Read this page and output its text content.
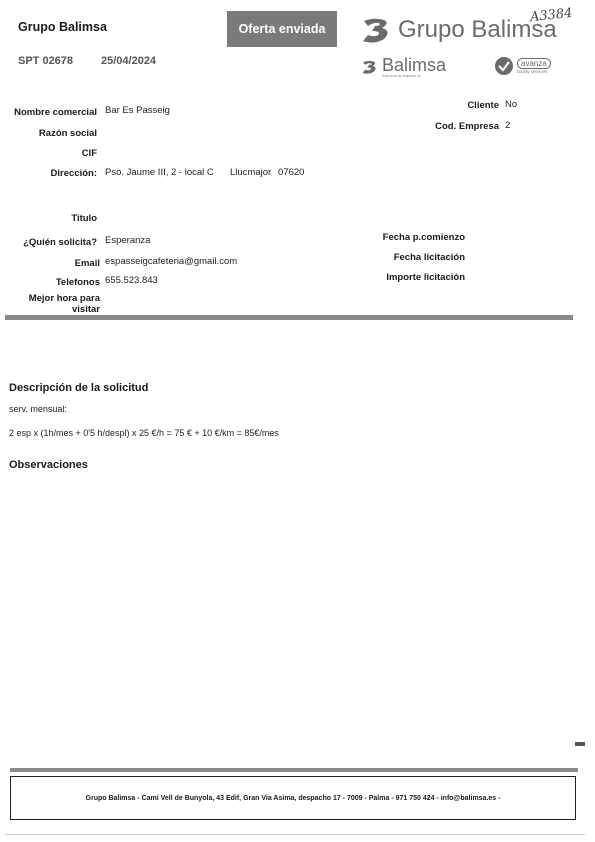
Grupo Balimsa	Oferta enviada
SPT 02678	25/04/2024
Grupo Balimsa
A3384
Balimsa
Solucions de limpieza sa
avanza
facility services
Nombre comercial Bar Es Passeig
Razón social
CIF
Dirección: Pso. Jaume III, 2 - local C Llucmajor 07620
Cliente No
Cod. Empresa 2
Titulo
¿Quién solicita? Esperanza
Email espasseigcafeteria@gmail.com
Telefonos 655.523.843
Mejor hora para
visitar
Fecha p.comienzo
Fecha licitación
Importe licitación
Descripción de la solicitud
serv. mensual:
2 esp x (1h/mes + 0'5 h/despl) x 25 €/h = 75 € + 10 €/km = 85€/mes
Observaciones
Grupo Balimsa - Cami Vell de Bunyola, 43 Edif, Gran Via Asima, despacho 17 - 7009 - Palma - 971 750 424 - info@balimsa.es -
